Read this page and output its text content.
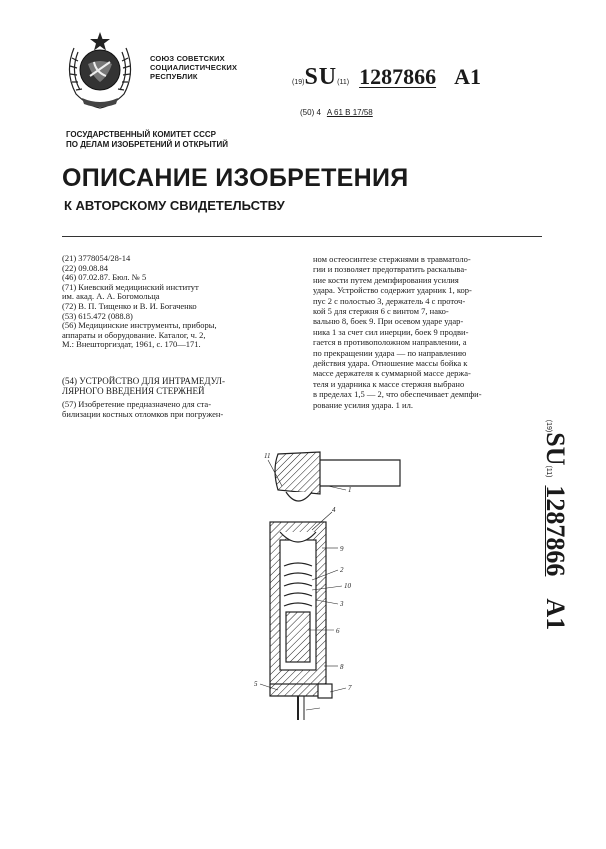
СОЮЗ СОВЕТСКИХ
СОЦИАЛИСТИЧЕСКИХ
РЕСПУБЛИК
(19)SU(11) 1287866 A1
(50) 4 A 61 B 17/58
ГОСУДАРСТВЕННЫЙ КОМИТЕТ СССР
ПО ДЕЛАМ ИЗОБРЕТЕНИЙ И ОТКРЫТИЙ
ОПИСАНИЕ ИЗОБРЕТЕНИЯ
К АВТОРСКОМУ СВИДЕТЕЛЬСТВУ
(21) 3778054/28-14
(22) 09.08.84
(46) 07.02.87. Бюл. № 5
(71) Киевский медицинский институт
им. акад. А. А. Богомольца
(72) В. П. Тищенко и В. И. Богаченко
(53) 615.472 (088.8)
(56) Медицинские инструменты, приборы,
аппараты и оборудование. Каталог, ч. 2,
М.: Внешторгиздат, 1961, с. 170—171.
(54) УСТРОЙСТВО ДЛЯ ИНТРАМЕДУЛ-
ЛЯРНОГО ВВЕДЕНИЯ СТЕРЖНЕЙ
(57) Изобретение предназначено для ста-
билизации костных отломков при погружен-
ном остеосинтезе стержнями в травматоло-
гии и позволяет предотвратить раскалыва-
ние кости путем демпфирования усилия
удара. Устройство содержит ударник 1, кор-
пус 2 с полостью 3, держатель 4 с проточ-
кой 5 для стержня 6 с винтом 7, нако-
вальню 8, боек 9. При осевом ударе удар-
ника 1 за счет сил инерции, боек 9 продви-
гается в противоположном направлении, а
по прекращении удара — по направлению
действия удара. Отношение массы бойка к
массе держателя к суммарной массе держа-
теля и ударника к массе стержня выбрано
в пределах 1,5 — 2, что обеспечивает демпфи-
рование усилия удара. 1 ил.
(19)SU(11)1287866A1
11
1
4
9
2
10
3
6
8
5	7
